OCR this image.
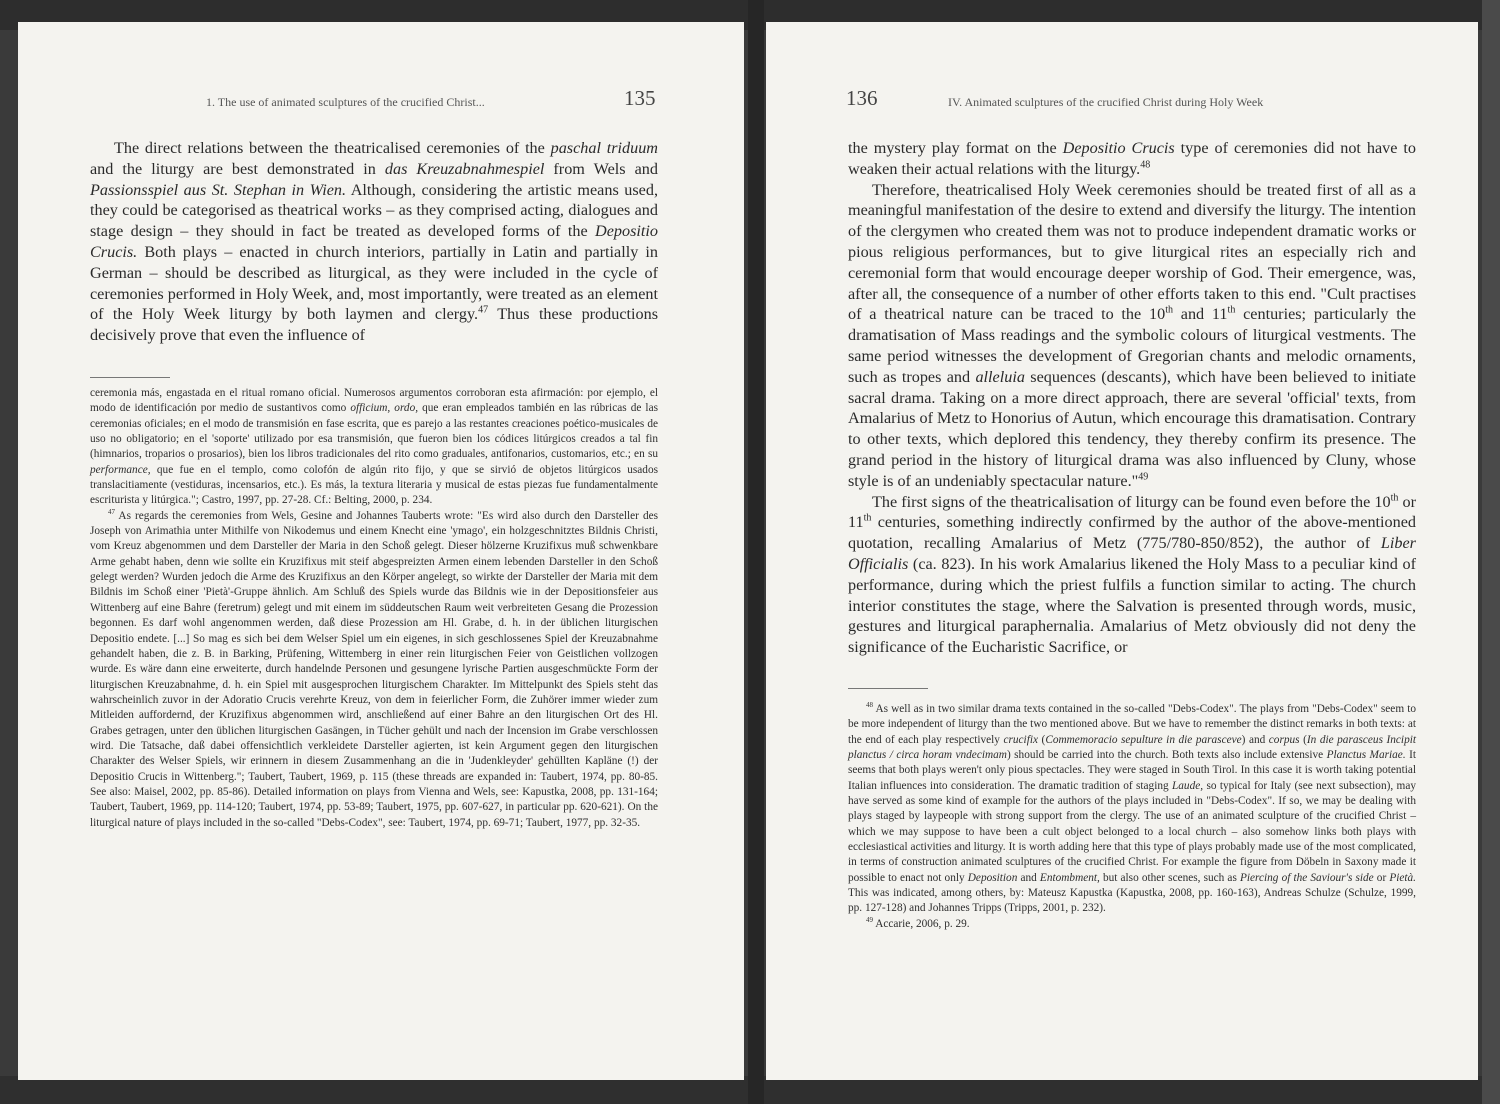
1. The use of animated sculptures of the crucified Christ...	135

The direct relations between the theatricalised ceremonies of the paschal triduum and the liturgy are best demonstrated in das Kreuzabnahmespiel from Wels and Passionsspiel aus St. Stephan in Wien. Although, considering the artistic means used, they could be categorised as theatrical works – as they comprised acting, dialogues and stage design – they should in fact be treated as developed forms of the Depositio Crucis. Both plays – enacted in church interiors, partially in Latin and partially in German – should be described as liturgical, as they were included in the cycle of ceremonies performed in Holy Week, and, most importantly, were treated as an element of the Holy Week liturgy by both laymen and clergy.$^{47}$ Thus these productions decisively prove that even the influence of

ceremonia más, engastada en el ritual romano oficial. Numerosos argumentos corroboran esta afirmación: por ejemplo, el modo de identificación por medio de sustantivos como officium, ordo, que eran empleados también en las rúbricas de las ceremonias oficiales; en el modo de transmisión en fase escrita, que es parejo a las restantes creaciones poético-musicales de uso no obligatorio; en el 'soporte' utilizado por esa transmisión, que fueron bien los códices litúrgicos creados a tal fin (himnarios, troparios o prosarios), bien los libros tradicionales del rito como graduales, antifonarios, customarios, etc.; en su performance, que fue en el templo, como colofón de algún rito fijo, y que se sirvió de objetos litúrgicos usados translacitiamente (vestiduras, incensarios, etc.). Es más, la textura literaria y musical de estas piezas fue fundamentalmente escriturista y litúrgica."; Castro, 1997, pp. 27-28. Cf.: Belting, 2000, p. 234.

$^{47}$ As regards the ceremonies from Wels, Gesine and Johannes Tauberts wrote: "Es wird also durch den Darsteller des Joseph von Arimathia unter Mithilfe von Nikodemus und einem Knecht eine 'ymago', ein holzgeschnitztes Bildnis Christi, vom Kreuz abgenommen und dem Darsteller der Maria in den Schoß gelegt. Dieser hölzerne Kruzifixus muß schwenkbare Arme gehabt haben, denn wie sollte ein Kruzifixus mit steif abgespreizten Armen einem lebenden Darsteller in den Schoß gelegt werden? Wurden jedoch die Arme des Kruzifixus an den Körper angelegt, so wirkte der Darsteller der Maria mit dem Bildnis im Schoß einer 'Pietà'-Gruppe ähnlich. Am Schluß des Spiels wurde das Bildnis wie in der Depositionsfeier aus Wittenberg auf eine Bahre (feretrum) gelegt und mit einem im süddeutschen Raum weit verbreiteten Gesang die Prozession begonnen. Es darf wohl angenommen werden, daß diese Prozession am Hl. Grabe, d. h. in der üblichen liturgischen Depositio endete. [...] So mag es sich bei dem Welser Spiel um ein eigenes, in sich geschlossenes Spiel der Kreuzabnahme gehandelt haben, die z. B. in Barking, Prüfening, Wittemberg in einer rein liturgischen Feier von Geistlichen vollzogen wurde. Es wäre dann eine erweiterte, durch handelnde Personen und gesungene lyrische Partien ausgeschmückte Form der liturgischen Kreuzabnahme, d. h. ein Spiel mit ausgesprochen liturgischem Charakter. Im Mittelpunkt des Spiels steht das wahrscheinlich zuvor in der Adoratio Crucis verehrte Kreuz, von dem in feierlicher Form, die Zuhörer immer wieder zum Mitleiden auffordernd, der Kruzifixus abgenommen wird, anschließend auf einer Bahre an den liturgischen Ort des Hl. Grabes getragen, unter den üblichen liturgischen Gasängen, in Tücher gehült und nach der Incension im Grabe verschlossen wird. Die Tatsache, daß dabei offensichtlich verkleidete Darsteller agierten, ist kein Argument gegen den liturgischen Charakter des Welser Spiels, wir erinnern in diesem Zusammenhang an die in 'Judenkleyder' gehüllten Kapläne (!) der Depositio Crucis in Wittenberg."; Taubert, Taubert, 1969, p. 115 (these threads are expanded in: Taubert, 1974, pp. 80-85. See also: Maisel, 2002, pp. 85-86). Detailed information on plays from Vienna and Wels, see: Kapustka, 2008, pp. 131-164; Taubert, Taubert, 1969, pp. 114-120; Taubert, 1974, pp. 53-89; Taubert, 1975, pp. 607-627, in particular pp. 620-621). On the liturgical nature of plays included in the so-called "Debs-Codex", see: Taubert, 1974, pp. 69-71; Taubert, 1977, pp. 32-35.

136	IV. Animated sculptures of the crucified Christ during Holy Week

the mystery play format on the Depositio Crucis type of ceremonies did not have to weaken their actual relations with the liturgy.$^{48}$

Therefore, theatricalised Holy Week ceremonies should be treated first of all as a meaningful manifestation of the desire to extend and diversify the liturgy. The intention of the clergymen who created them was not to produce independent dramatic works or pious religious performances, but to give liturgical rites an especially rich and ceremonial form that would encourage deeper worship of God. Their emergence, was, after all, the consequence of a number of other efforts taken to this end. "Cult practises of a theatrical nature can be traced to the 10th and 11th centuries; particularly the dramatisation of Mass readings and the symbolic colours of liturgical vestments. The same period witnesses the development of Gregorian chants and melodic ornaments, such as tropes and alleluia sequences (descants), which have been believed to initiate sacral drama. Taking on a more direct approach, there are several 'official' texts, from Amalarius of Metz to Honorius of Autun, which encourage this dramatisation. Contrary to other texts, which deplored this tendency, they thereby confirm its presence. The grand period in the history of liturgical drama was also influenced by Cluny, whose style is of an undeniably spectacular nature."$^{49}$

The first signs of the theatricalisation of liturgy can be found even before the 10th or 11th centuries, something indirectly confirmed by the author of the above-mentioned quotation, recalling Amalarius of Metz (775/780-850/852), the author of Liber Officialis (ca. 823). In his work Amalarius likened the Holy Mass to a peculiar kind of performance, during which the priest fulfils a function similar to acting. The church interior constitutes the stage, where the Salvation is presented through words, music, gestures and liturgical paraphernalia. Amalarius of Metz obviously did not deny the significance of the Eucharistic Sacrifice, or

$^{48}$ As well as in two similar drama texts contained in the so-called "Debs-Codex". The plays from "Debs-Codex" seem to be more independent of liturgy than the two mentioned above. But we have to remember the distinct remarks in both texts: at the end of each play respectively crucifix (Commemoracio sepulture in die parasceve) and corpus (In die parasceus Incipit planctus / circa horam vndecimam) should be carried into the church. Both texts also include extensive Planctus Mariae. It seems that both plays weren't only pious spectacles. They were staged in South Tirol. In this case it is worth taking potential Italian influences into consideration. The dramatic tradition of staging Laude, so typical for Italy (see next subsection), may have served as some kind of example for the authors of the plays included in "Debs-Codex". If so, we may be dealing with plays staged by laypeople with strong support from the clergy. The use of an animated sculpture of the crucified Christ – which we may suppose to have been a cult object belonged to a local church – also somehow links both plays with ecclesiastical activities and liturgy. It is worth adding here that this type of plays probably made use of the most complicated, in terms of construction animated sculptures of the crucified Christ. For example the figure from Döbeln in Saxony made it possible to enact not only Deposition and Entombment, but also other scenes, such as Piercing of the Saviour's side or Pietà. This was indicated, among others, by: Mateusz Kapustka (Kapustka, 2008, pp. 160-163), Andreas Schulze (Schulze, 1999, pp. 127-128) and Johannes Tripps (Tripps, 2001, p. 232).

$^{49}$ Accarie, 2006, p. 29.
